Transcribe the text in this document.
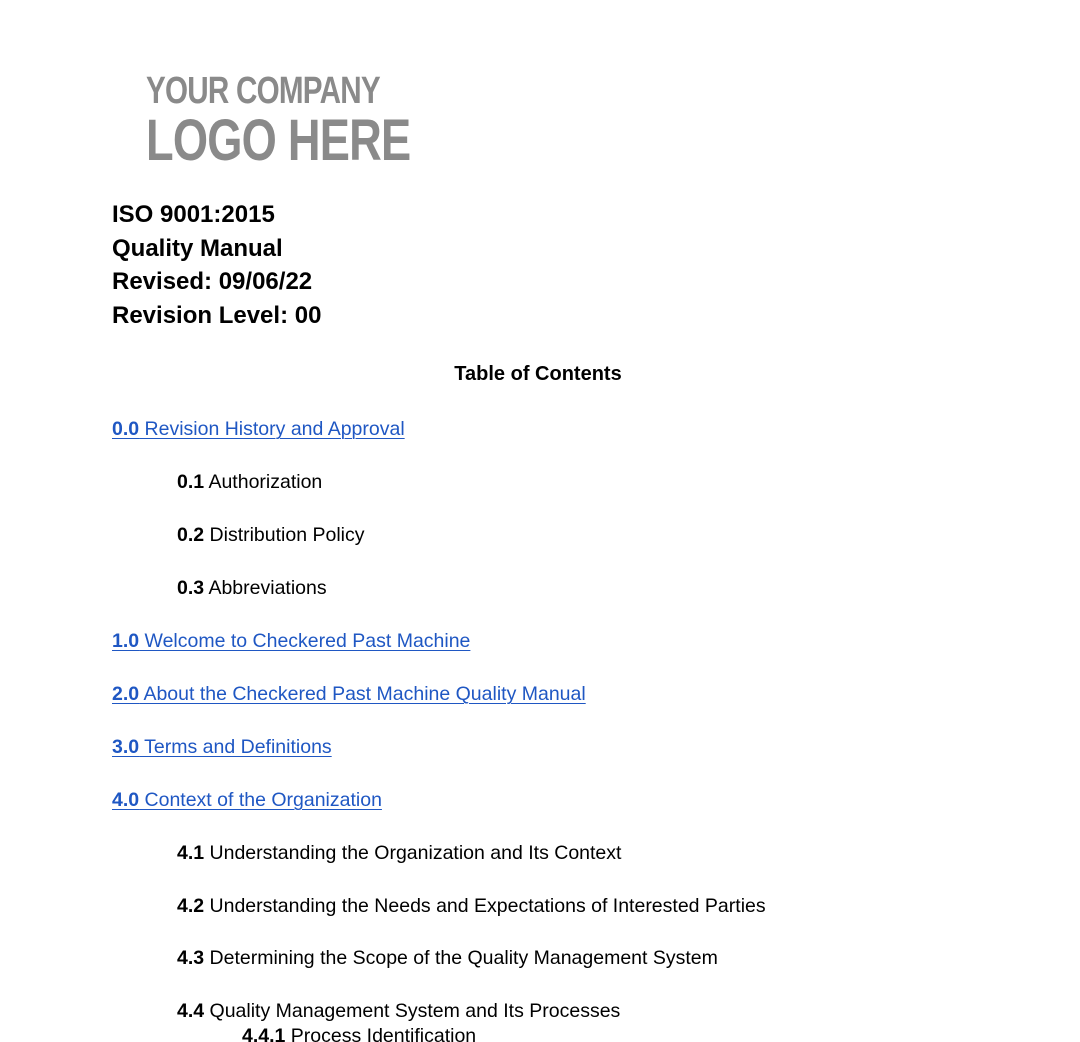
YOUR COMPANY
LOGO HERE
ISO 9001:2015
Quality Manual
Revised: 09/06/22
Revision Level: 00
Table of Contents
0.0 Revision History and Approval
0.1 Authorization
0.2 Distribution Policy
0.3 Abbreviations
1.0 Welcome to Checkered Past Machine
2.0 About the Checkered Past Machine Quality Manual
3.0 Terms and Definitions
4.0 Context of the Organization
4.1 Understanding the Organization and Its Context
4.2 Understanding the Needs and Expectations of Interested Parties
4.3 Determining the Scope of the Quality Management System
4.4 Quality Management System and Its Processes
4.4.1 Process Identification
